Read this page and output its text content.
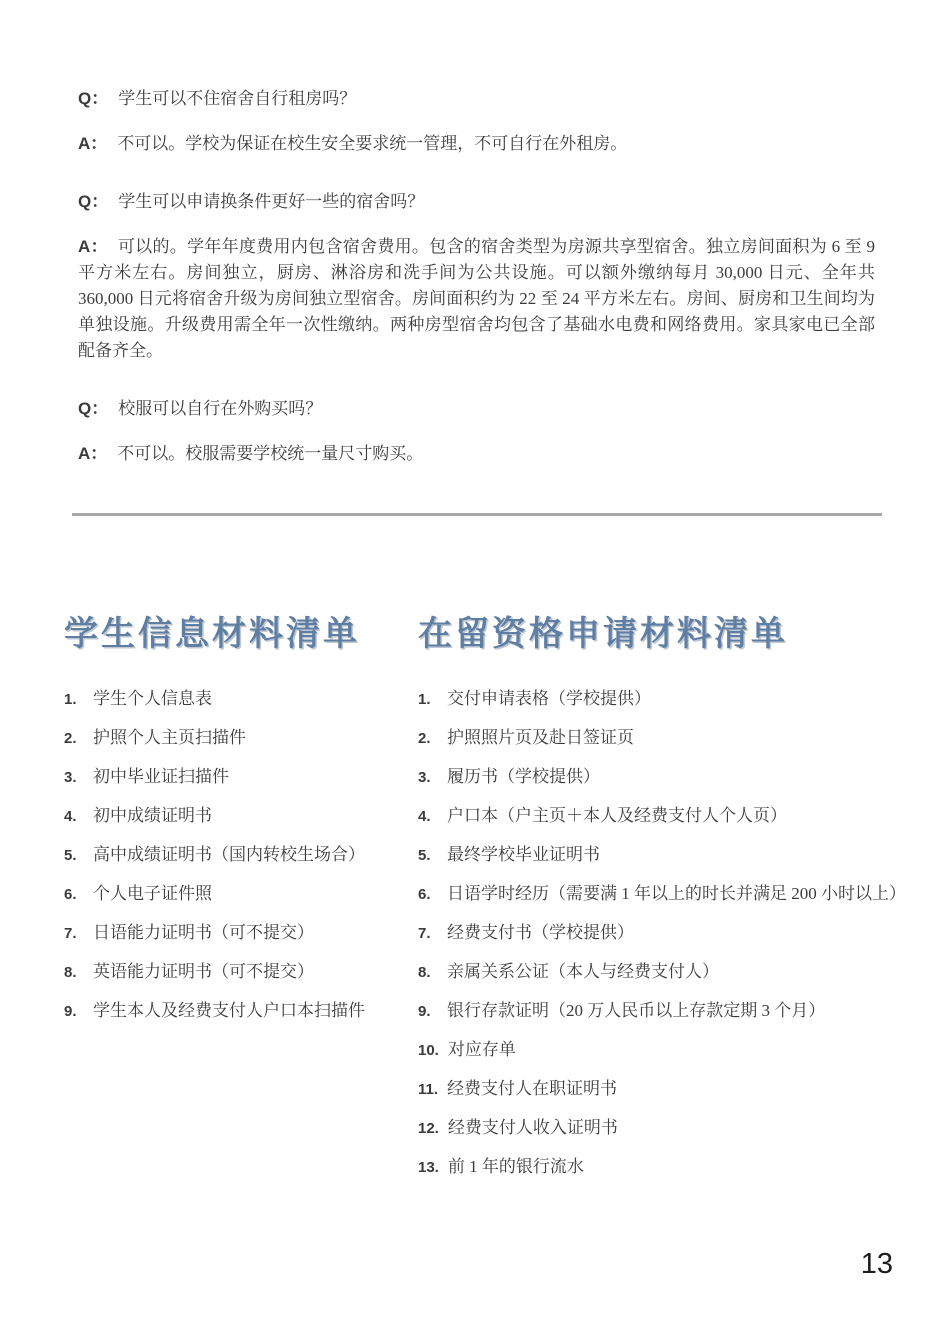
Q： 学生可以不住宿舍自行租房吗？

A： 不可以。学校为保证在校生安全要求统一管理，不可自行在外租房。

Q： 学生可以申请换条件更好一些的宿舍吗？

A： 可以的。学年年度费用内包含宿舍费用。包含的宿舍类型为房源共享型宿舍。独立房间面积为 6 至 9 平方米左右。房间独立，厨房、淋浴房和洗手间为公共设施。可以额外缴纳每月 30,000 日元、全年共 360,000 日元将宿舍升级为房间独立型宿舍。房间面积约为 22 至 24 平方米左右。房间、厨房和卫生间均为单独设施。升级费用需全年一次性缴纳。两种房型宿舍均包含了基础水电费和网络费用。家具家电已全部配备齐全。

Q： 校服可以自行在外购买吗？

A： 不可以。校服需要学校统一量尺寸购买。

学生信息材料清单
1. 学生个人信息表
2. 护照个人主页扫描件
3. 初中毕业证扫描件
4. 初中成绩证明书
5. 高中成绩证明书（国内转校生场合）
6. 个人电子证件照
7. 日语能力证明书（可不提交）
8. 英语能力证明书（可不提交）
9. 学生本人及经费支付人户口本扫描件
在留资格申请材料清单
1. 交付申请表格（学校提供）
2. 护照照片页及赴日签证页
3. 履历书（学校提供）
4. 户口本（户主页＋本人及经费支付人个人页）
5. 最终学校毕业证明书
6. 日语学时经历（需要满 1 年以上的时长并满足 200 小时以上）
7. 经费支付书（学校提供）
8. 亲属关系公证（本人与经费支付人）
9. 银行存款证明（20 万人民币以上存款定期 3 个月）
10. 对应存单
11. 经费支付人在职证明书
12. 经费支付人收入证明书
13. 前 1 年的银行流水
13
